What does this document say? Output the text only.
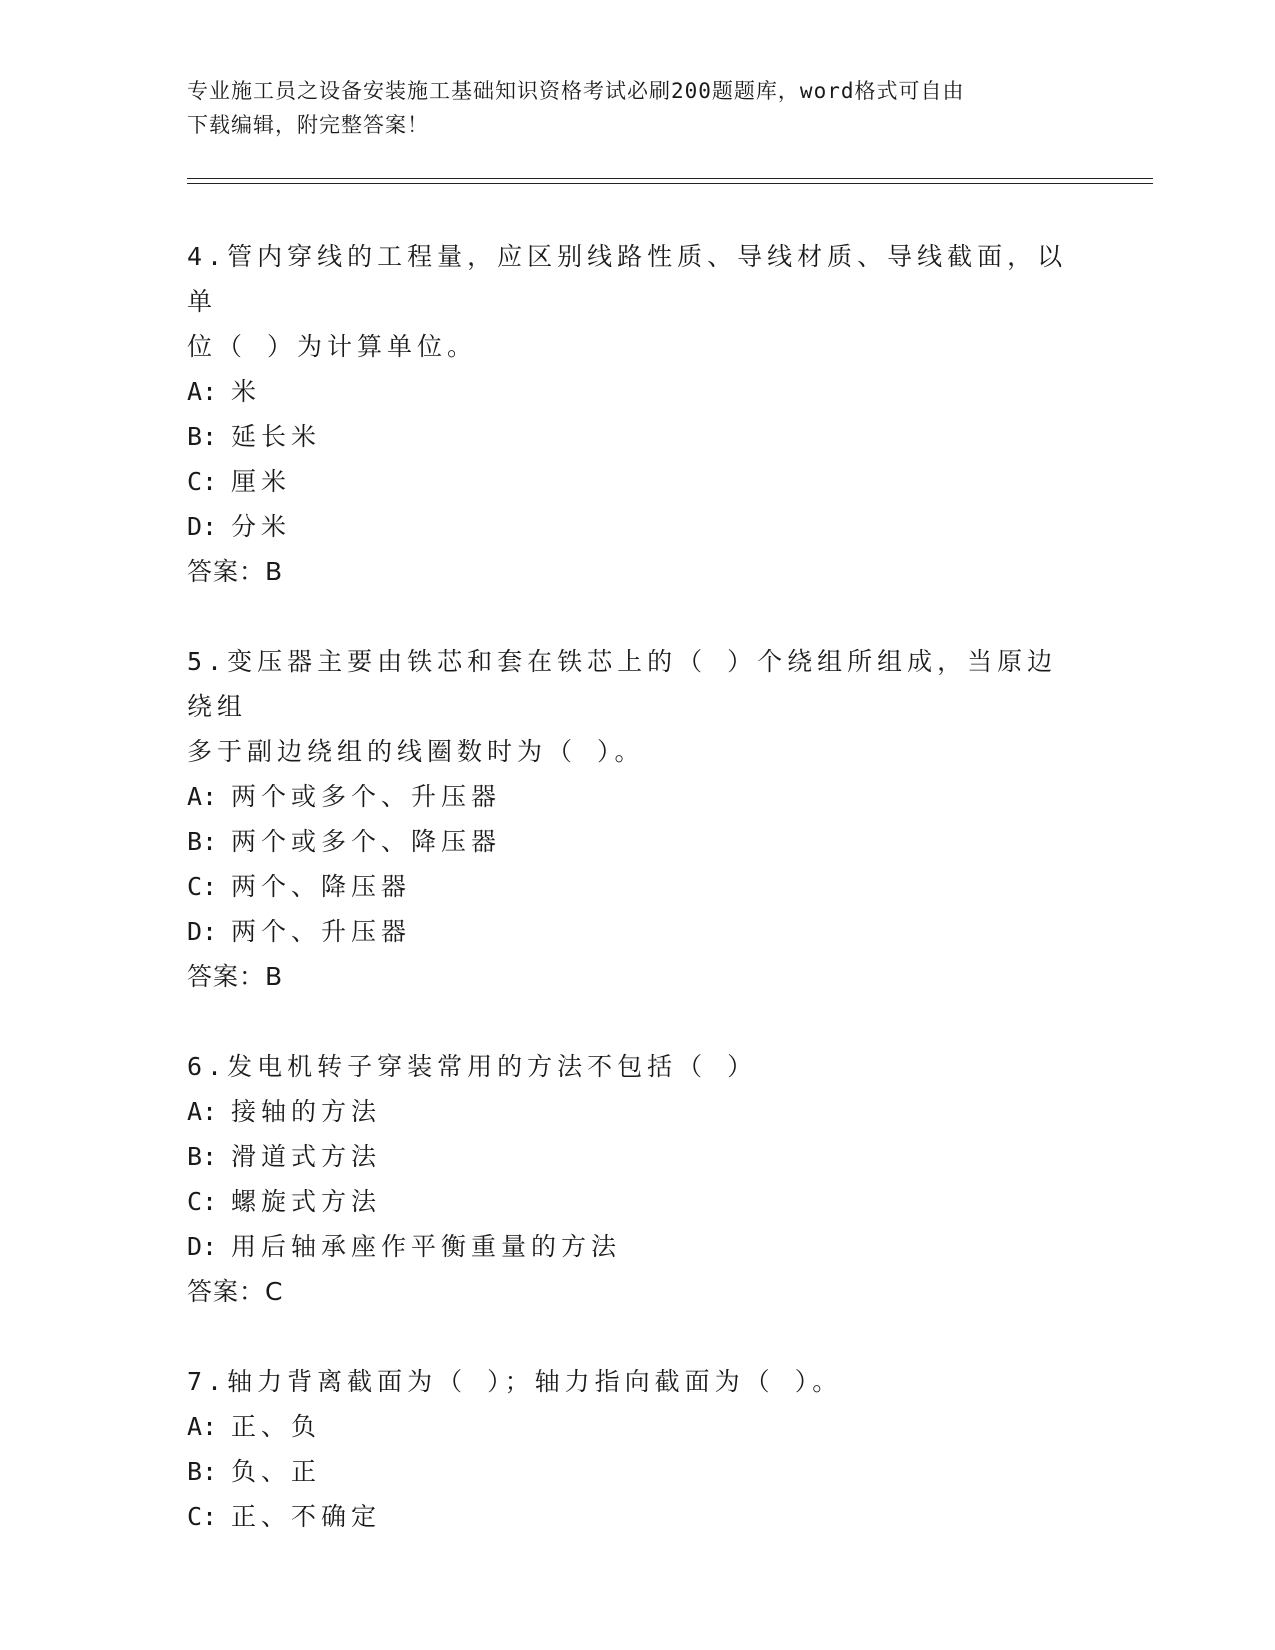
专业施工员之设备安装施工基础知识资格考试必刷200题题库，word格式可自由
下载编辑，附完整答案！

4.管内穿线的工程量，应区别线路性质、导线材质、导线截面，以单

位（ ）为计算单位。

A: 米

B: 延长米

C: 厘米

D: 分米

答案：B

5.变压器主要由铁芯和套在铁芯上的（ ）个绕组所组成，当原边绕组

多于副边绕组的线圈数时为（ ）。

A: 两个或多个、升压器

B: 两个或多个、降压器

C: 两个、降压器

D: 两个、升压器

答案：B

6.发电机转子穿装常用的方法不包括（ ）

A: 接轴的方法

B: 滑道式方法

C: 螺旋式方法

D: 用后轴承座作平衡重量的方法

答案：C

7.轴力背离截面为（ ）；轴力指向截面为（ ）。

A: 正、负

B: 负、正

C: 正、不确定
